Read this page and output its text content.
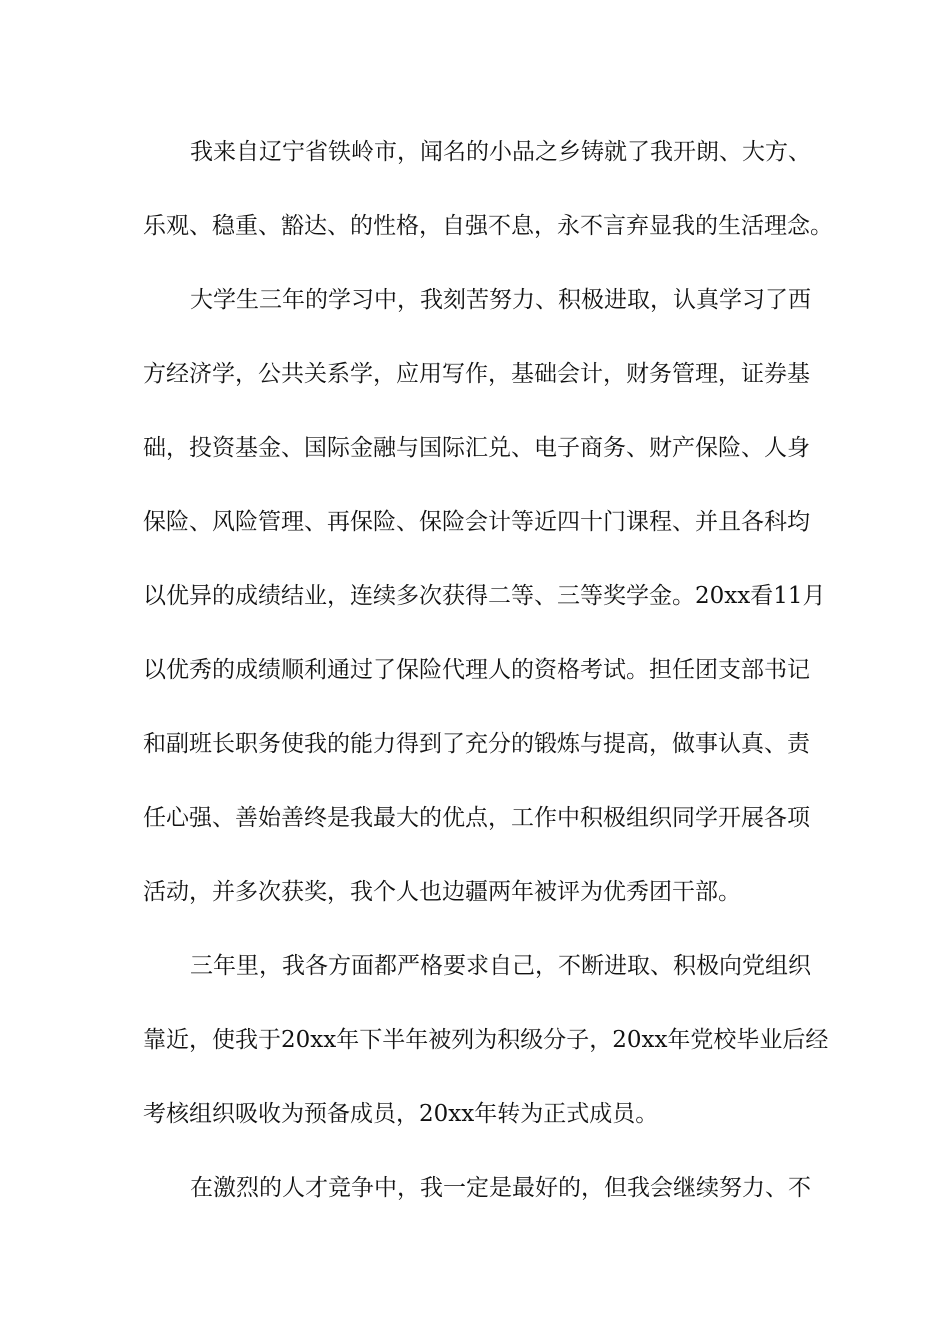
我来自辽宁省铁岭市，闻名的小品之乡铸就了我开朗、大方、

乐观、稳重、豁达、的性格，自强不息，永不言弃显我的生活理念。

大学生三年的学习中，我刻苦努力、积极进取，认真学习了西

方经济学，公共关系学，应用写作，基础会计，财务管理，证券基

础，投资基金、国际金融与国际汇兑、电子商务、财产保险、人身

保险、风险管理、再保险、保险会计等近四十门课程、并且各科均

以优异的成绩结业，连续多次获得二等、三等奖学金。20xx看11月

以优秀的成绩顺利通过了保险代理人的资格考试。担任团支部书记

和副班长职务使我的能力得到了充分的锻炼与提高，做事认真、责

任心强、善始善终是我最大的优点，工作中积极组织同学开展各项

活动，并多次获奖，我个人也边疆两年被评为优秀团干部。

三年里，我各方面都严格要求自己，不断进取、积极向党组织

靠近，使我于20xx年下半年被列为积级分子，20xx年党校毕业后经

考核组织吸收为预备成员，20xx年转为正式成员。

在激烈的人才竞争中，我一定是最好的，但我会继续努力、不
